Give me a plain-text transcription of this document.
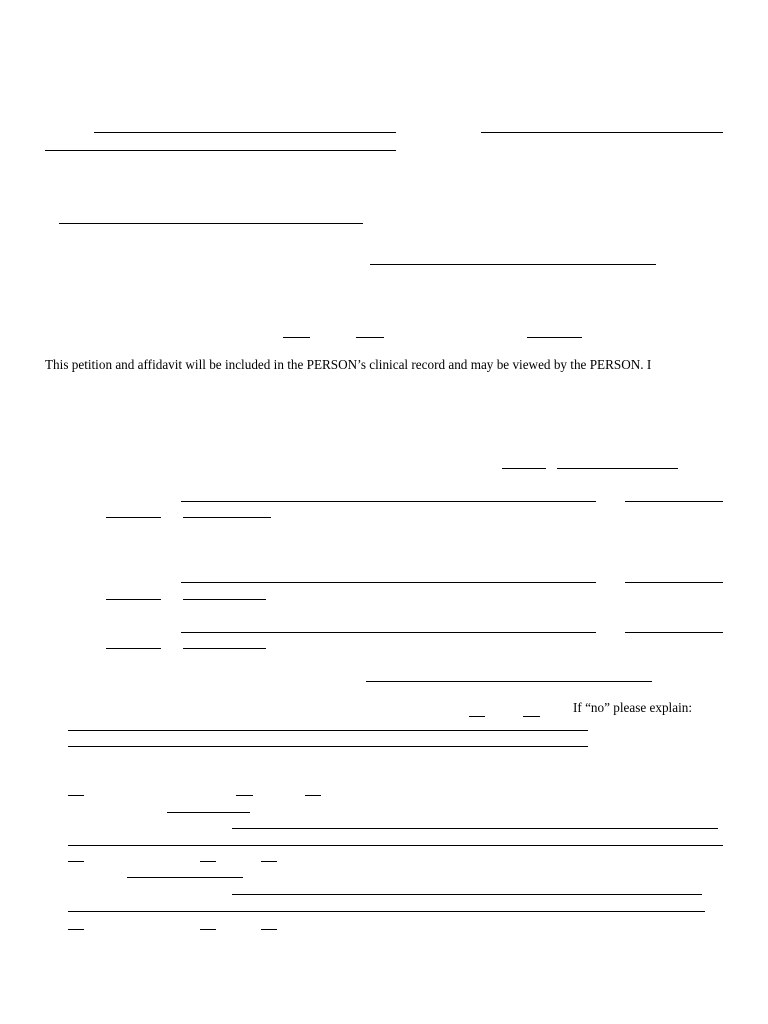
This petition and affidavit will be included in the PERSON’s clinical record and may be viewed by the PERSON. I
If “no” please explain:
